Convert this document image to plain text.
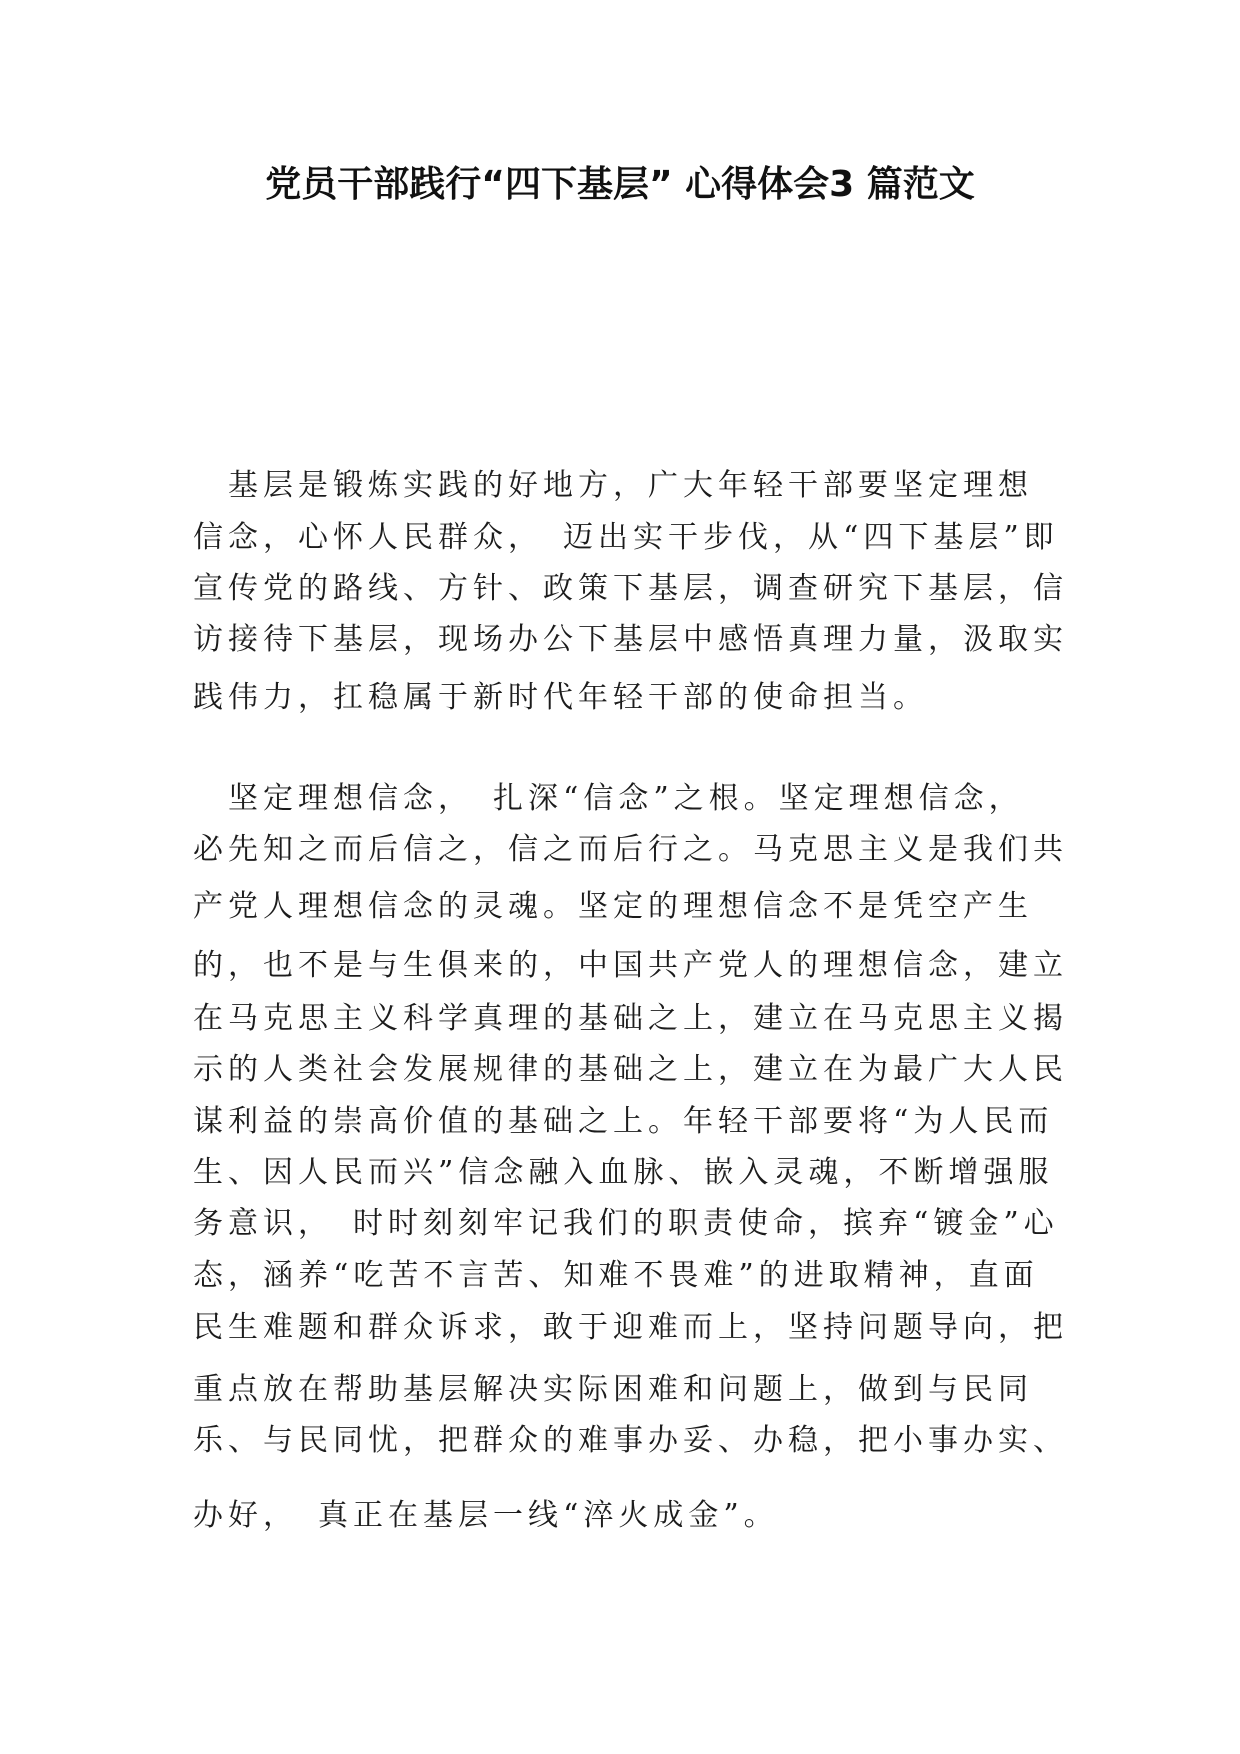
党员干部践行“四下基层” 心得体会3 篇范文
　基层是锻炼实践的好地方，广大年轻干部要坚定理想
信念，心怀人民群众，　迈出实干步伐，从“四下基层”即
宣传党的路线、方针、政策下基层，调查研究下基层，信
访接待下基层，现场办公下基层中感悟真理力量，汲取实
践伟力，扛稳属于新时代年轻干部的使命担当。
　坚定理想信念，　扎深“信念”之根。坚定理想信念，
必先知之而后信之，信之而后行之。马克思主义是我们共
产党人理想信念的灵魂。坚定的理想信念不是凭空产生
的，也不是与生俱来的，中国共产党人的理想信念，建立
在马克思主义科学真理的基础之上，建立在马克思主义揭
示的人类社会发展规律的基础之上，建立在为最广大人民
谋利益的崇高价值的基础之上。年轻干部要将“为人民而
生、因人民而兴”信念融入血脉、嵌入灵魂，不断增强服
务意识，　时时刻刻牢记我们的职责使命，摈弃“镀金”心
态，涵养“吃苦不言苦、知难不畏难”的进取精神，直面
民生难题和群众诉求，敢于迎难而上，坚持问题导向，把
重点放在帮助基层解决实际困难和问题上，做到与民同
乐、与民同忧，把群众的难事办妥、办稳，把小事办实、
办好，　真正在基层一线“淬火成金”。
